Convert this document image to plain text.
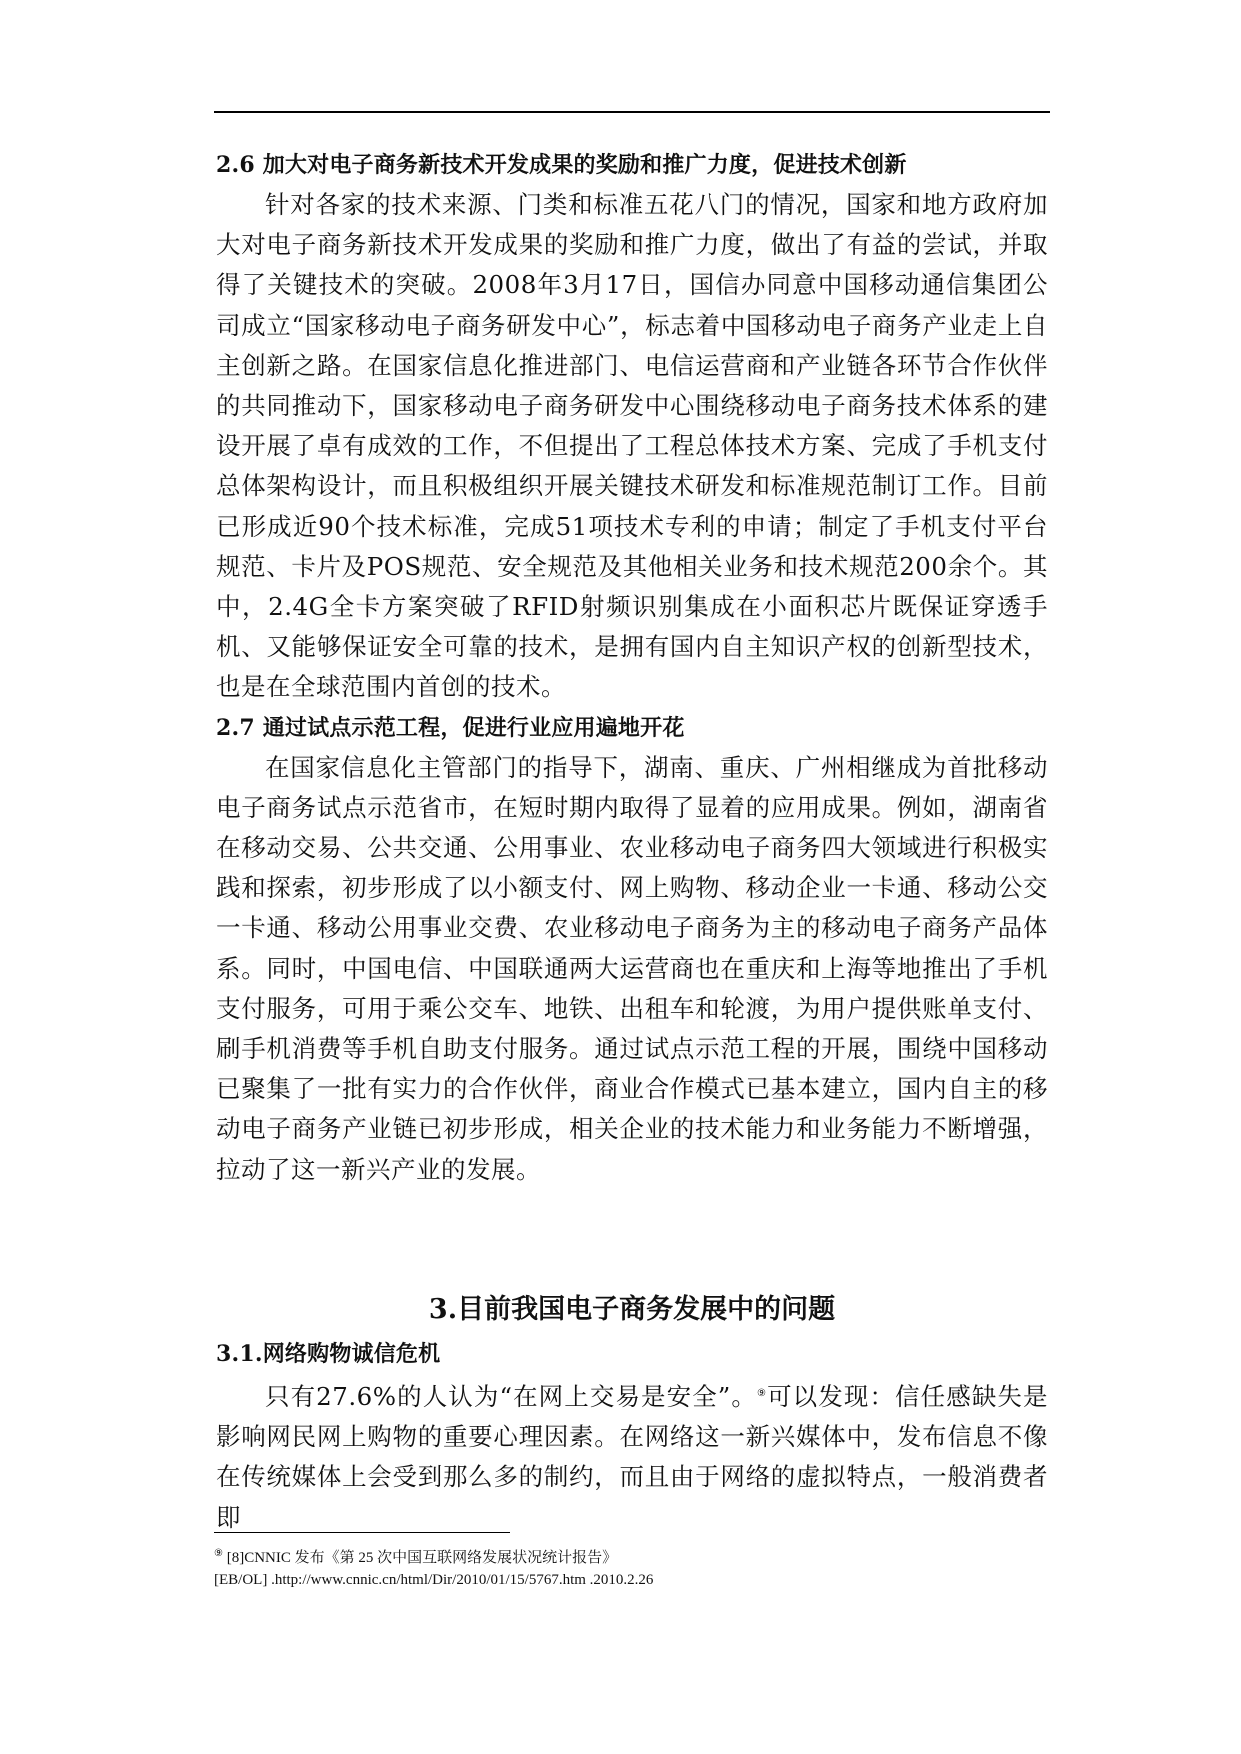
2.6 加大对电子商务新技术开发成果的奖励和推广力度，促进技术创新

针对各家的技术来源、门类和标准五花八门的情况，国家和地方政府加大对电子商务新技术开发成果的奖励和推广力度，做出了有益的尝试，并取得了关键技术的突破。2008年3月17日，国信办同意中国移动通信集团公司成立“国家移动电子商务研发中心”，标志着中国移动电子商务产业走上自主创新之路。在国家信息化推进部门、电信运营商和产业链各环节合作伙伴的共同推动下，国家移动电子商务研发中心围绕移动电子商务技术体系的建设开展了卓有成效的工作，不但提出了工程总体技术方案、完成了手机支付总体架构设计，而且积极组织开展关键技术研发和标准规范制订工作。目前已形成近90个技术标准，完成51项技术专利的申请；制定了手机支付平台规范、卡片及POS规范、安全规范及其他相关业务和技术规范200余个。其中，2.4G全卡方案突破了RFID射频识别集成在小面积芯片既保证穿透手机、又能够保证安全可靠的技术，是拥有国内自主知识产权的创新型技术，也是在全球范围内首创的技术。

2.7 通过试点示范工程，促进行业应用遍地开花

在国家信息化主管部门的指导下，湖南、重庆、广州相继成为首批移动电子商务试点示范省市，在短时期内取得了显着的应用成果。例如，湖南省在移动交易、公共交通、公用事业、农业移动电子商务四大领域进行积极实践和探索，初步形成了以小额支付、网上购物、移动企业一卡通、移动公交一卡通、移动公用事业交费、农业移动电子商务为主的移动电子商务产品体系。同时，中国电信、中国联通两大运营商也在重庆和上海等地推出了手机支付服务，可用于乘公交车、地铁、出租车和轮渡，为用户提供账单支付、刷手机消费等手机自助支付服务。通过试点示范工程的开展，围绕中国移动已聚集了一批有实力的合作伙伴，商业合作模式已基本建立，国内自主的移动电子商务产业链已初步形成，相关企业的技术能力和业务能力不断增强，拉动了这一新兴产业的发展。

3.目前我国电子商务发展中的问题
3.1.网络购物诚信危机

只有27.6%的人认为“在网上交易是安全”。⑨可以发现：信任感缺失是影响网民网上购物的重要心理因素。在网络这一新兴媒体中，发布信息不像在传统媒体上会受到那么多的制约，而且由于网络的虚拟特点，一般消费者即

⑨ [8]CNNIC 发布《第 25 次中国互联网络发展状况统计报告》
[EB/OL] .http://www.cnnic.cn/html/Dir/2010/01/15/5767.htm .2010.2.26
